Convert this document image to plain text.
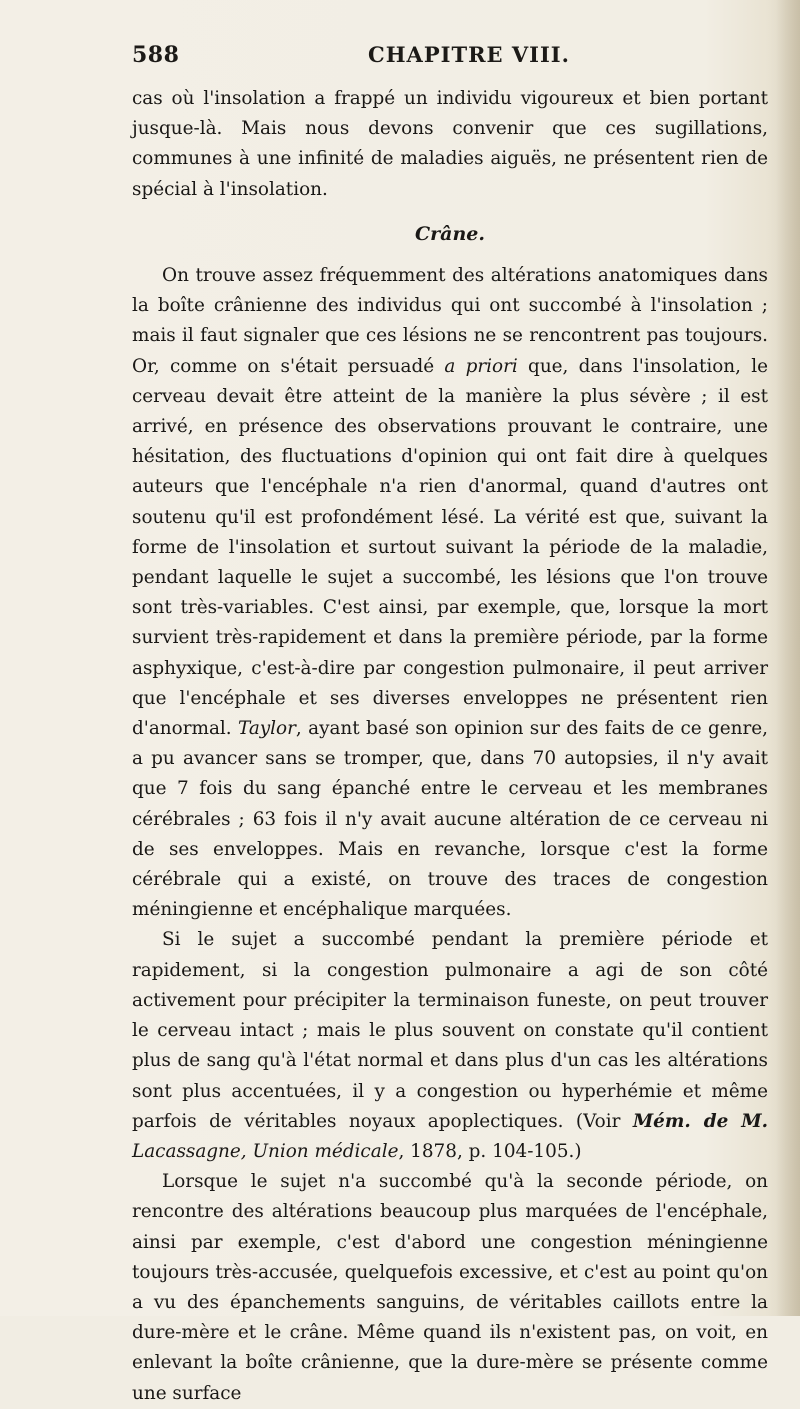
588	CHAPITRE VIII.

cas où l'insolation a frappé un individu vigoureux et bien portant jusque-là. Mais nous devons convenir que ces sugillations, communes à une infinité de maladies aiguës, ne présentent rien de spécial à l'insolation.

Crâne.

On trouve assez fréquemment des altérations anatomiques dans la boîte crânienne des individus qui ont succombé à l'insolation ; mais il faut signaler que ces lésions ne se rencontrent pas toujours. Or, comme on s'était persuadé a priori que, dans l'insolation, le cerveau devait être atteint de la manière la plus sévère ; il est arrivé, en présence des observations prouvant le contraire, une hésitation, des fluctuations d'opinion qui ont fait dire à quelques auteurs que l'encéphale n'a rien d'anormal, quand d'autres ont soutenu qu'il est profondément lésé. La vérité est que, suivant la forme de l'insolation et surtout suivant la période de la maladie, pendant laquelle le sujet a succombé, les lésions que l'on trouve sont très-variables. C'est ainsi, par exemple, que, lorsque la mort survient très-rapidement et dans la première période, par la forme asphyxique, c'est-à-dire par congestion pulmonaire, il peut arriver que l'encéphale et ses diverses enveloppes ne présentent rien d'anormal. Taylor, ayant basé son opinion sur des faits de ce genre, a pu avancer sans se tromper, que, dans 70 autopsies, il n'y avait que 7 fois du sang épanché entre le cerveau et les membranes cérébrales ; 63 fois il n'y avait aucune altération de ce cerveau ni de ses enveloppes. Mais en revanche, lorsque c'est la forme cérébrale qui a existé, on trouve des traces de congestion méningienne et encéphalique marquées.

Si le sujet a succombé pendant la première période et rapidement, si la congestion pulmonaire a agi de son côté activement pour précipiter la terminaison funeste, on peut trouver le cerveau intact ; mais le plus souvent on constate qu'il contient plus de sang qu'à l'état normal et dans plus d'un cas les altérations sont plus accentuées, il y a congestion ou hyperhémie et même parfois de véritables noyaux apoplectiques. (Voir Mém. de M. Lacassagne, Union médicale, 1878, p. 104-105.)

Lorsque le sujet n'a succombé qu'à la seconde période, on rencontre des altérations beaucoup plus marquées de l'encéphale, ainsi par exemple, c'est d'abord une congestion méningienne toujours très-accusée, quelquefois excessive, et c'est au point qu'on a vu des épanchements sanguins, de véritables caillots entre la dure-mère et le crâne. Même quand ils n'existent pas, on voit, en enlevant la boîte crânienne, que la dure-mère se présente comme une surface
